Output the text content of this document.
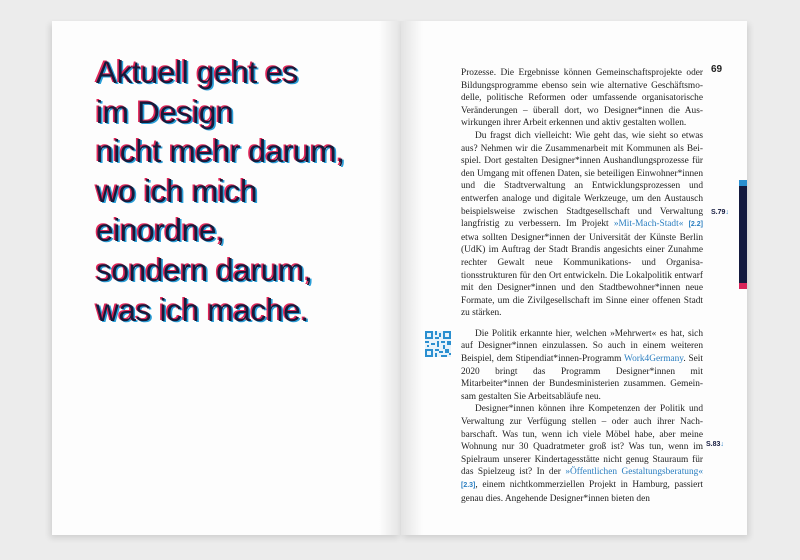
Aktuell geht es
im Design
nicht mehr darum,
wo ich mich
einordne,
sondern darum,
was ich mache.
69

Prozesse. Die Ergebnisse können Gemeinschaftsprojekte oder Bildungsprogramme ebenso sein wie alternative Geschäftsmodelle, politische Reformen oder umfassende organisatorische Veränderungen – überall dort, wo Designer*innen die Auswirkungen ihrer Arbeit erkennen und aktiv gestalten wollen.

Du fragst dich vielleicht: Wie geht das, wie sieht so etwas aus? Nehmen wir die Zusammenarbeit mit Kommunen als Beispiel. Dort gestalten Designer*innen Aushandlungsprozesse für den Umgang mit offenen Daten, sie beteiligen Einwohner*innen und die Stadtverwaltung an Entwicklungsprozessen und entwerfen analoge und digitale Werkzeuge, um den Austausch beispielsweise zwischen Stadtgesellschaft und Verwaltung langfristig zu verbessern. Im Projekt »Mit-Mach-Stadt« [2.2] etwa sollten Designer*innen der Universität der Künste Berlin (UdK) im Auftrag der Stadt Brandis angesichts einer Zunahme rechter Gewalt neue Kommunikations- und Organisationsstrukturen für den Ort entwickeln. Die Lokalpolitik entwarf mit den Designer*innen und den Stadtbewohner*innen neue Formate, um die Zivilgesellschaft im Sinne einer offenen Stadt zu stärken.

Die Politik erkannte hier, welchen »Mehrwert« es hat, sich auf Designer*innen einzulassen. So auch in einem weiteren Beispiel, dem Stipendiat*innen-Programm Work4Germany. Seit 2020 bringt das Programm Designer*innen mit Mitarbeiter*innen der Bundesministerien zusammen. Gemeinsam gestalten Sie Arbeitsabläufe neu.

Designer*innen können ihre Kompetenzen der Politik und Verwaltung zur Verfügung stellen – oder auch ihrer Nachbarschaft. Was tun, wenn ich viele Möbel habe, aber meine Wohnung nur 30 Quadratmeter groß ist? Was tun, wenn im Spielraum unserer Kindertagesstätte nicht genug Stauraum für das Spielzeug ist? In der »Öffentlichen Gestaltungsberatung« [2.3], einem nichtkommerziellen Projekt in Hamburg, passiert genau dies. Angehende Designer*innen bieten den

S.79↓
S.83↓
